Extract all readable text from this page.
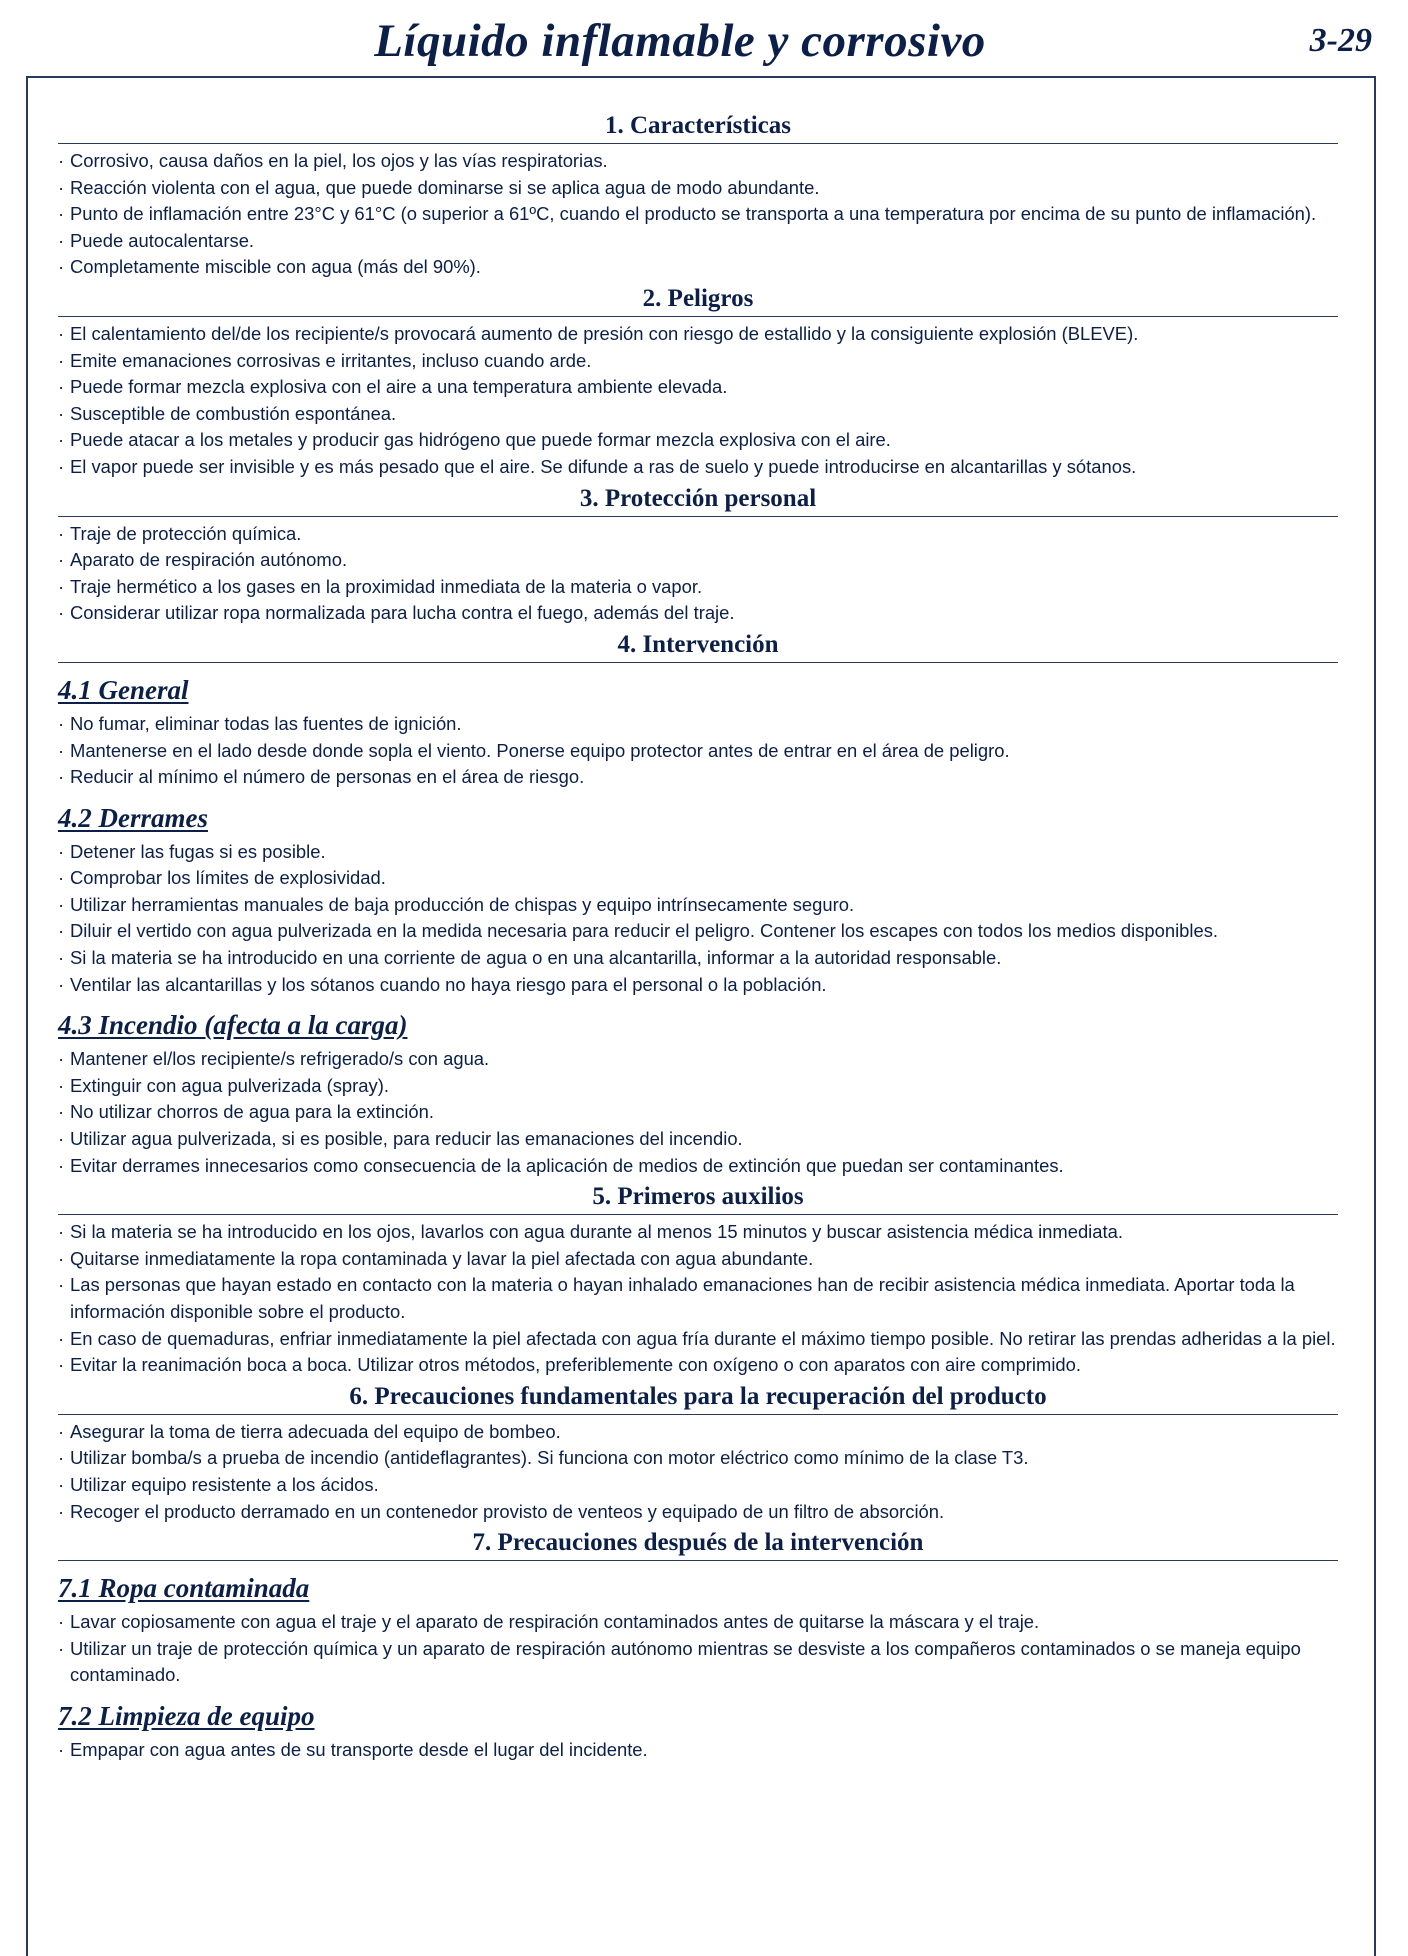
Líquido inflamable y corrosivo	3-29
1. Características
· Corrosivo, causa daños en la piel, los ojos y las vías respiratorias.
· Reacción violenta con el agua, que puede dominarse si se aplica agua de modo abundante.
· Punto de inflamación entre 23°C y 61°C (o superior a 61ºC, cuando el producto se transporta a una temperatura por encima de su punto de inflamación).
· Puede autocalentarse.
· Completamente miscible con agua (más del 90%).
2. Peligros
· El calentamiento del/de los recipiente/s provocará aumento de presión con riesgo de estallido y la consiguiente explosión (BLEVE).
· Emite emanaciones corrosivas e irritantes, incluso cuando arde.
· Puede formar mezcla explosiva con el aire a una temperatura ambiente elevada.
· Susceptible de combustión espontánea.
· Puede atacar a los metales y producir gas hidrógeno que puede formar mezcla explosiva con el aire.
· El vapor puede ser invisible y es más pesado que el aire. Se difunde a ras de suelo y puede introducirse en alcantarillas y sótanos.
3. Protección personal
· Traje de protección química.
· Aparato de respiración autónomo.
· Traje hermético a los gases en la proximidad inmediata de la materia o vapor.
· Considerar utilizar ropa normalizada para lucha contra el fuego, además del traje.
4. Intervención
4.1 General
· No fumar, eliminar todas las fuentes de ignición.
· Mantenerse en el lado desde donde sopla el viento. Ponerse equipo protector antes de entrar en el área de peligro.
· Reducir al mínimo el número de personas en el área de riesgo.
4.2 Derrames
· Detener las fugas si es posible.
· Comprobar los límites de explosividad.
· Utilizar herramientas manuales de baja producción de chispas y equipo intrínsecamente seguro.
· Diluir el vertido con agua pulverizada en la medida necesaria para reducir el peligro. Contener los escapes con todos los medios disponibles.
· Si la materia se ha introducido en una corriente de agua o en una alcantarilla, informar a la autoridad responsable.
· Ventilar las alcantarillas y los sótanos cuando no haya riesgo para el personal o la población.
4.3 Incendio (afecta a la carga)
· Mantener el/los recipiente/s refrigerado/s con agua.
· Extinguir con agua pulverizada (spray).
· No utilizar chorros de agua para la extinción.
· Utilizar agua pulverizada, si es posible, para reducir las emanaciones del incendio.
· Evitar derrames innecesarios como consecuencia de la aplicación de medios de extinción que puedan ser contaminantes.
5. Primeros auxilios
· Si la materia se ha introducido en los ojos, lavarlos con agua durante al menos 15 minutos y buscar asistencia médica inmediata.
· Quitarse inmediatamente la ropa contaminada y lavar la piel afectada con agua abundante.
· Las personas que hayan estado en contacto con la materia o hayan inhalado emanaciones han de recibir asistencia médica inmediata. Aportar toda la información disponible sobre el producto.
· En caso de quemaduras, enfriar inmediatamente la piel afectada con agua fría durante el máximo tiempo posible. No retirar las prendas adheridas a la piel.
· Evitar la reanimación boca a boca. Utilizar otros métodos, preferiblemente con oxígeno o con aparatos con aire comprimido.
6. Precauciones fundamentales para la recuperación del producto
· Asegurar la toma de tierra adecuada del equipo de bombeo.
· Utilizar bomba/s a prueba de incendio (antideflagrantes). Si funciona con motor eléctrico como mínimo de la clase T3.
· Utilizar equipo resistente a los ácidos.
· Recoger el producto derramado en un contenedor provisto de venteos y equipado de un filtro de absorción.
7. Precauciones después de la intervención
7.1 Ropa contaminada
· Lavar copiosamente con agua el traje y el aparato de respiración contaminados antes de quitarse la máscara y el traje.
· Utilizar un traje de protección química y un aparato de respiración autónomo mientras se desviste a los compañeros contaminados o se maneja equipo contaminado.
7.2 Limpieza de equipo
· Empapar con agua antes de su transporte desde el lugar del incidente.
